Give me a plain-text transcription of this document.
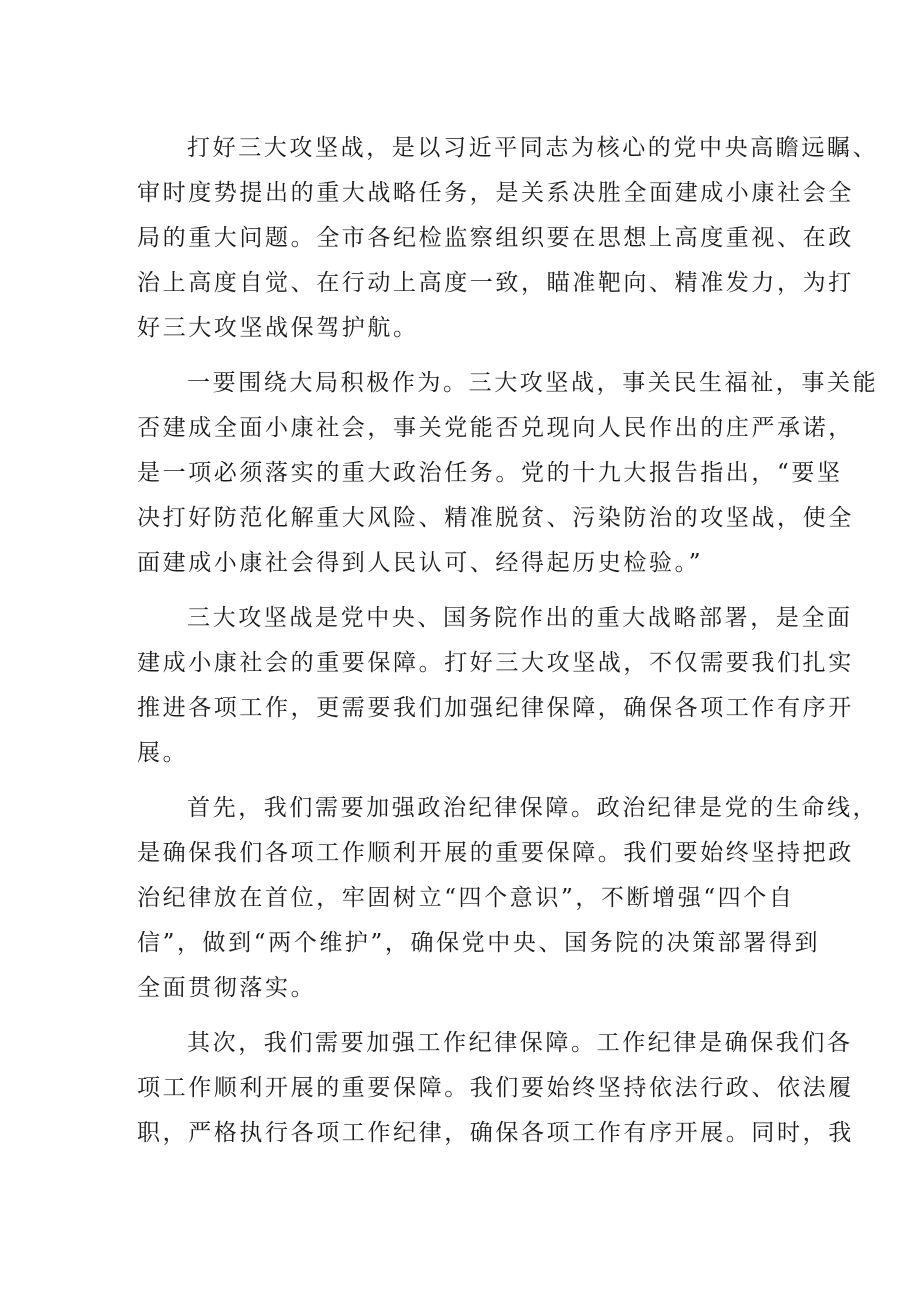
打好三大攻坚战，是以习近平同志为核心的党中央高瞻远瞩、
审时度势提出的重大战略任务，是关系决胜全面建成小康社会全
局的重大问题。全市各纪检监察组织要在思想上高度重视、在政
治上高度自觉、在行动上高度一致，瞄准靶向、精准发力，为打
好三大攻坚战保驾护航。
一要围绕大局积极作为。三大攻坚战，事关民生福祉，事关能
否建成全面小康社会，事关党能否兑现向人民作出的庄严承诺，
是一项必须落实的重大政治任务。党的十九大报告指出，“要坚
决打好防范化解重大风险、精准脱贫、污染防治的攻坚战，使全
面建成小康社会得到人民认可、经得起历史检验。”
三大攻坚战是党中央、国务院作出的重大战略部署，是全面
建成小康社会的重要保障。打好三大攻坚战，不仅需要我们扎实
推进各项工作，更需要我们加强纪律保障，确保各项工作有序开
展。
首先，我们需要加强政治纪律保障。政治纪律是党的生命线，
是确保我们各项工作顺利开展的重要保障。我们要始终坚持把政
治纪律放在首位，牢固树立“四个意识”，不断增强“四个自
信”，做到“两个维护”，确保党中央、国务院的决策部署得到
全面贯彻落实。
其次，我们需要加强工作纪律保障。工作纪律是确保我们各
项工作顺利开展的重要保障。我们要始终坚持依法行政、依法履
职，严格执行各项工作纪律，确保各项工作有序开展。同时，我
